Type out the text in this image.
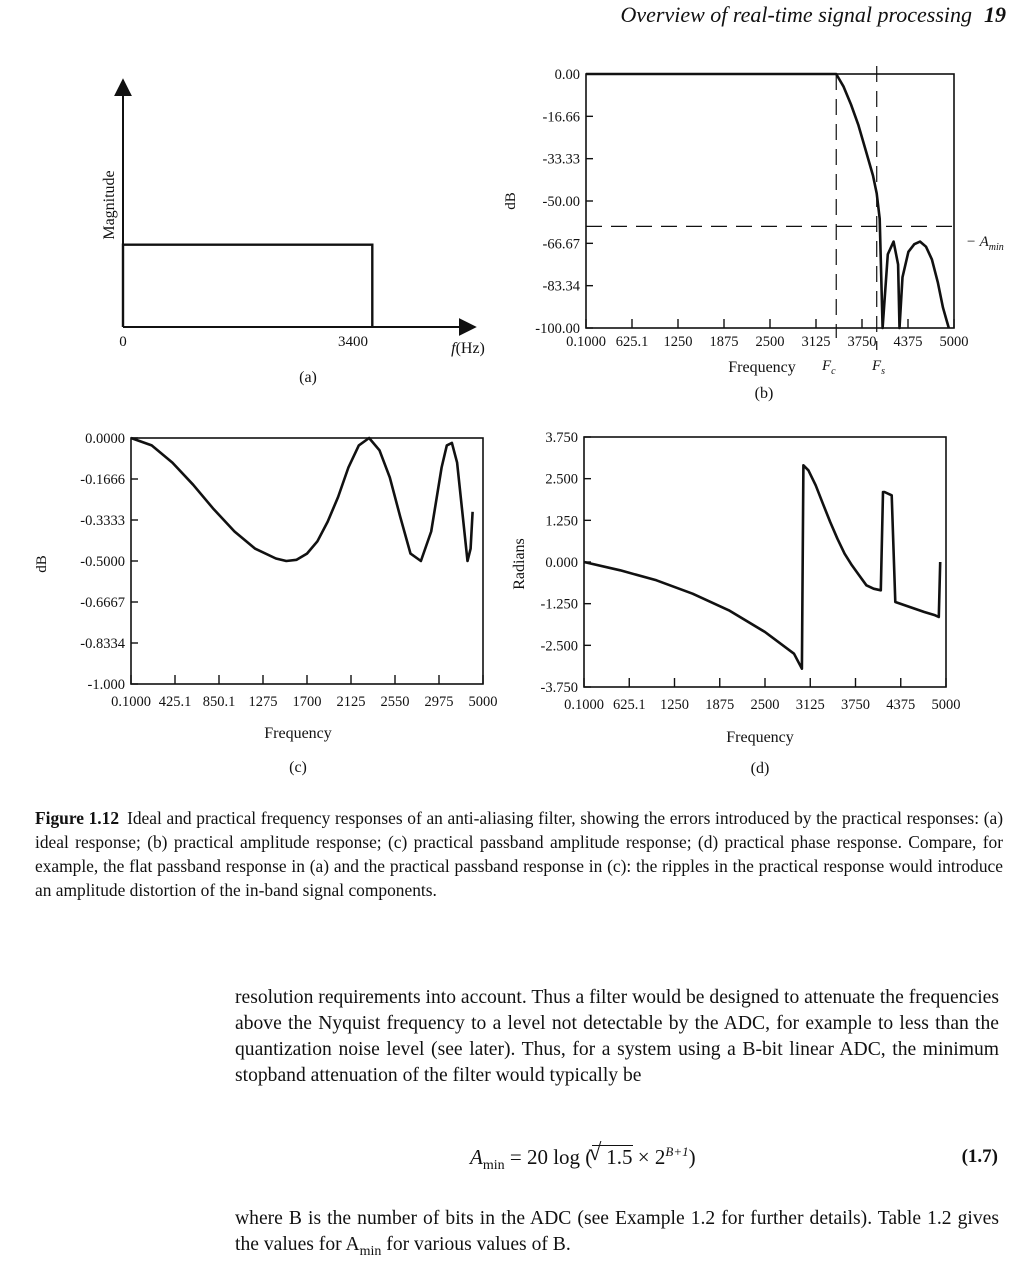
Overview of real-time signal processing 19
Magnitude
0	3400	f(Hz)
(a)
0.00
-16.66
-33.33
-50.00
-66.67
-83.34
-100.00
0.1000 625.1 1250 1875 2500 3125 3750 4375 5000
dB
Frequency $F_c$ $F_s$
− $A_{min}$
(b)
0.0000
-0.1666
-0.3333
-0.5000
-0.6667
-0.8334
-1.000
0.1000 425.1 850.1 1275 1700 2125 2550 2975 5000
dB
Frequency
(c)
3.750
2.500
1.250
0.000
-1.250
-2.500
-3.750
0.1000 625.1 1250 1875 2500 3125 3750 4375 5000
Radians
Frequency
(d)
Figure 1.12 Ideal and practical frequency responses of an anti-aliasing filter, showing the errors introduced by the practical responses: (a) ideal response; (b) practical amplitude response; (c) practical passband amplitude response; (d) practical phase response. Compare, for example, the flat passband response in (a) and the practical passband response in (c): the ripples in the practical response would introduce an amplitude distortion of the in-band signal components.
resolution requirements into account. Thus a filter would be designed to attenuate the frequencies above the Nyquist frequency to a level not detectable by the ADC, for example to less than the quantization noise level (see later). Thus, for a system using a B-bit linear ADC, the minimum stopband attenuation of the filter would typically be
$A_{min} = 20$ log (√ $1.5 \times 2^{B+1}$)	(1.7)
where B is the number of bits in the ADC (see Example 1.2 for further details). Table 1.2 gives the values for $A_{min}$ for various values of B.
